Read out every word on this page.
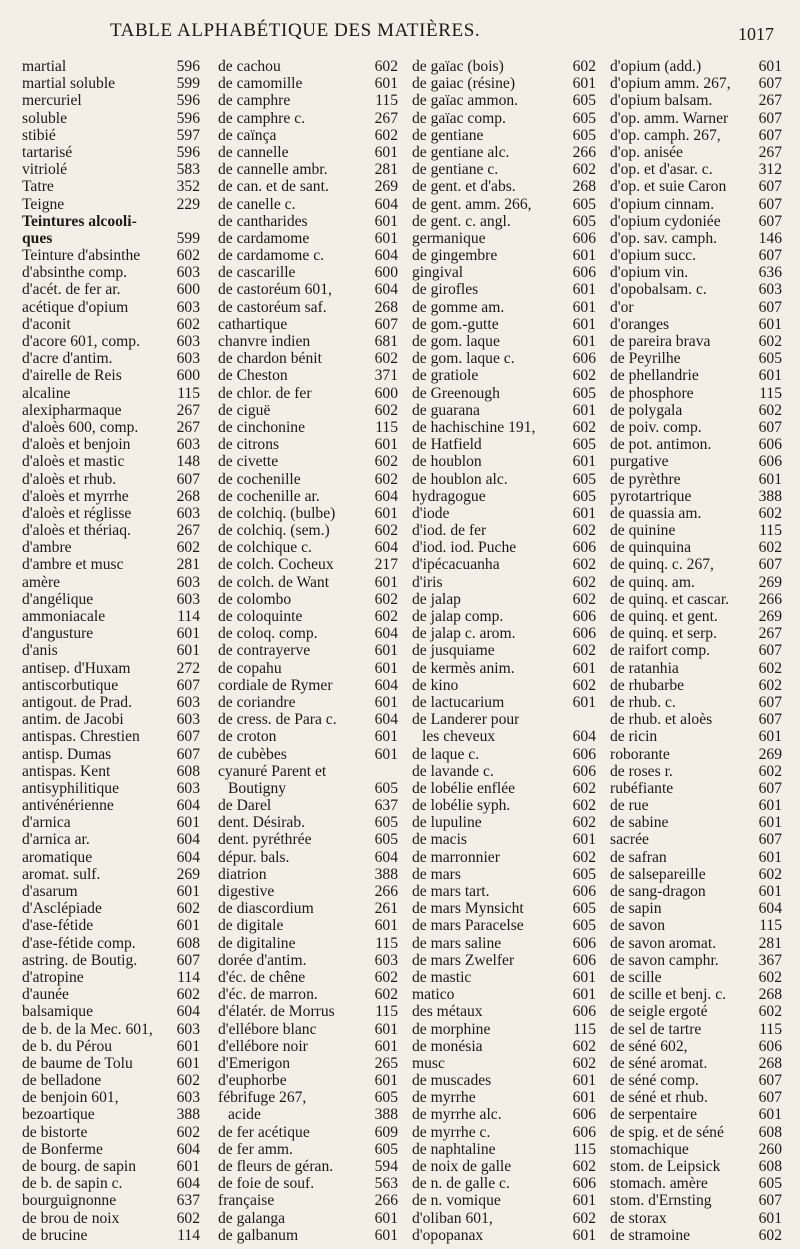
TABLE ALPHABÉTIQUE DES MATIÈRES.	1017
martial	596
martial soluble	599
mercuriel	596
soluble	596
stibié	597
tartarisé	596
vitriolé	583
Tatre	352
Teigne	229
Teintures alcooli-
ques	599
Teinture d'absinthe 602
d'absinthe comp.	603
d'acét. de fer ar.	600
acétique d'opium	603
d'aconit	602
d'acore 601, comp. 603
d'acre d'antim.	603
d'airelle de Reis	600
alcaline	115
alexipharmaque	267
d'aloès 600, comp. 267
d'aloès et benjoin	603
d'aloès et mastic	148
d'aloès et rhub.	607
d'aloès et myrrhe	268
d'aloès et réglisse	603
d'aloès et thériaq.	267
d'ambre	602
d'ambre et musc	281
amère	603
d'angélique	603
ammoniacale	114
d'angusture	601
d'anis	601
antisep. d'Huxam	272
antiscorbutique	607
antigout. de Prad.	603
antim. de Jacobi	603
antispas. Chrestien 607
antisp. Dumas	607
antispas. Kent	608
antisyphilitique	603
antivénérienne	604
d'arnica	601
d'arnica ar.	604
aromatique	604
aromat. sulf.	269
d'asarum	601
d'Asclépiade	602
d'ase-fétide	601
d'ase-fétide comp.	608
astring. de Boutig.	607
d'atropine	114
d'aunée	602
balsamique	604
de b. de la Mec. 601, 603
de b. du Pérou	601
de baume de Tolu	601
de belladone	602
de benjoin 601,	603
bezoartique	388
de bistorte	602
de Bonferme	604
de bourg. de sapin	601
de b. de sapin c.	604
bourguignonne	637
de brou de noix	602
de brucine	114
de cachou	602
de camomille	601
de camphre	115
de camphre c.	267
de caïnça	602
de cannelle	601
de cannelle ambr.	281
de can. et de sant.	269
de canelle c.	604
de cantharides	601
de cardamome	601
de cardamome c.	604
de cascarille	600
de castoréum 601,	604
de castoréum saf.	268
cathartique	607
chanvre indien	681
de chardon bénit	602
de Cheston	371
de chlor. de fer	600
de ciguë	602
de cinchonine	115
de citrons	601
de civette	602
de cochenille	602
de cochenille ar.	604
de colchiq. (bulbe)	601
de colchiq. (sem.)	602
de colchique c.	604
de colch. Cocheux	217
de colch. de Want	601
de colombo	602
de coloquinte	602
de coloq. comp.	604
de contrayerve	601
de copahu	601
cordiale de Rymer	604
de coriandre	601
de cress. de Para c. 604
de croton	601
de cubèbes	601
cyanuré Parent et
Boutigny	605
de Darel	637
dent. Désirab.	605
dent. pyréthrée	605
dépur. bals.	604
diatrion	388
digestive	266
de diascordium	261
de digitale	601
de digitaline	115
dorée d'antim.	603
d'éc. de chêne	602
d'éc. de marron.	602
d'élatér. de Morrus	115
d'ellébore blanc	601
d'ellébore noir	601
d'Emerigon	265
d'euphorbe	601
fébrifuge 267,	605
acide	388
de fer acétique	609
de fer amm.	605
de fleurs de géran.	594
de foie de souf.	563
française	266
de galanga	601
de galbanum	601
de gaïac (bois)	602
de gaiac (résine)	601
de gaïac ammon.	605
de gaïac comp.	605
de gentiane	605
de gentiane alc.	266
de gentiane c.	602
de gent. et d'abs.	268
de gent. amm. 266,	605
de gent. c. angl.	605
germanique	606
de gingembre	601
gingival	606
de girofles	601
de gomme am.	601
de gom.-gutte	601
de gom. laque	601
de gom. laque c.	606
de gratiole	602
de Greenough	605
de guarana	601
de hachischine 191, 602
de Hatfield	605
de houblon	601
de houblon alc.	605
hydragogue	605
d'iode	601
d'iod. de fer	602
d'iod. iod. Puche	606
d'ipécacuanha	602
d'iris	602
de jalap	602
de jalap comp.	606
de jalap c. arom.	606
de jusquiame	602
de kermès anim.	601
de kino	602
de lactucarium	601
de Landerer pour
les cheveux	604
de laque c.	606
de lavande c.	606
de lobélie enflée	602
de lobélie syph.	602
de lupuline	602
de macis	601
de marronnier	602
de mars	605
de mars tart.	606
de mars Mynsicht	605
de mars Paracelse	605
de mars saline	606
de mars Zwelfer	606
de mastic	601
matico	601
des métaux	606
de morphine	115
de monésia	602
musc	602
de muscades	601
de myrrhe	601
de myrrhe alc.	606
de myrrhe c.	606
de naphtaline	115
de noix de galle	602
de n. de galle c.	606
de n. vomique	601
d'oliban 601,	602
d'opopanax	601
d'opium (add.)	601
d'opium amm. 267, 607
d'opium balsam.	267
d'op. amm. Warner 607
d'op. camph. 267, 607
d'op. anisée	267
d'op. et d'asar. c.	312
d'op. et suie Caron 607
d'opium cinnam.	607
d'opium cydoniée 607
d'op. sav. camph.	146
d'opium succ.	607
d'opium vin.	636
d'opobalsam. c.	603
d'or	607
d'oranges	601
de pareira brava	602
de Peyrilhe	605
de phellandrie	601
de phosphore	115
de polygala	602
de poiv. comp.	607
de pot. antimon.	606
purgative	606
de pyrèthre	601
pyrotartrique	388
de quassia am.	602
de quinine	115
de quinquina	602
de quinq. c. 267,	607
de quinq. am.	269
de quinq. et cascar. 266
de quinq. et gent.	269
de quinq. et serp.	267
de raifort comp.	607
de ratanhia	602
de rhubarbe	602
de rhub. c.	607
de rhub. et aloès	607
de ricin	601
roborante	269
de roses r.	602
rubéfiante	607
de rue	601
de sabine	601
sacrée	607
de safran	601
de salsepareille	602
de sang-dragon	601
de sapin	604
de savon	115
de savon aromat.	281
de savon camphr.	367
de scille	602
de scille et benj. c. 268
de seigle ergoté	602
de sel de tartre	115
de séné 602,	606
de séné aromat.	268
de séné comp.	607
de séné et rhub.	607
de serpentaire	601
de spig. et de séné 608
stomachique	260
stom. de Leipsick 608
stomach. amère	605
stom. d'Ernsting	607
de storax	601
de stramoine	602
